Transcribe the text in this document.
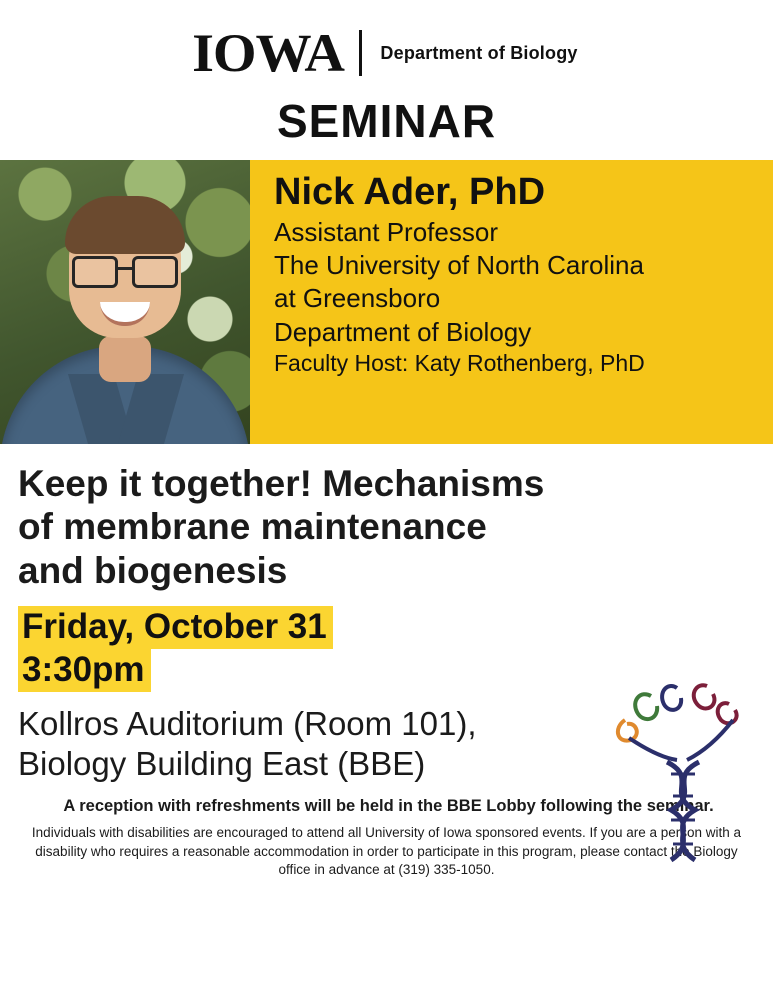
IOWA Department of Biology
SEMINAR
Nick Ader, PhD
Assistant Professor
The University of North Carolina
at Greensboro
Department of Biology
Faculty Host: Katy Rothenberg, PhD
Keep it together! Mechanisms
of membrane maintenance
and biogenesis
Friday, October 31
3:30pm
Kollros Auditorium (Room 101),
Biology Building East (BBE)
A reception with refreshments will be held in the BBE Lobby following the seminar.
Individuals with disabilities are encouraged to attend all University of Iowa sponsored events. If you are a person with a disability who requires a reasonable accommodation in order to participate in this program, please contact the Biology office in advance at (319) 335-1050.
